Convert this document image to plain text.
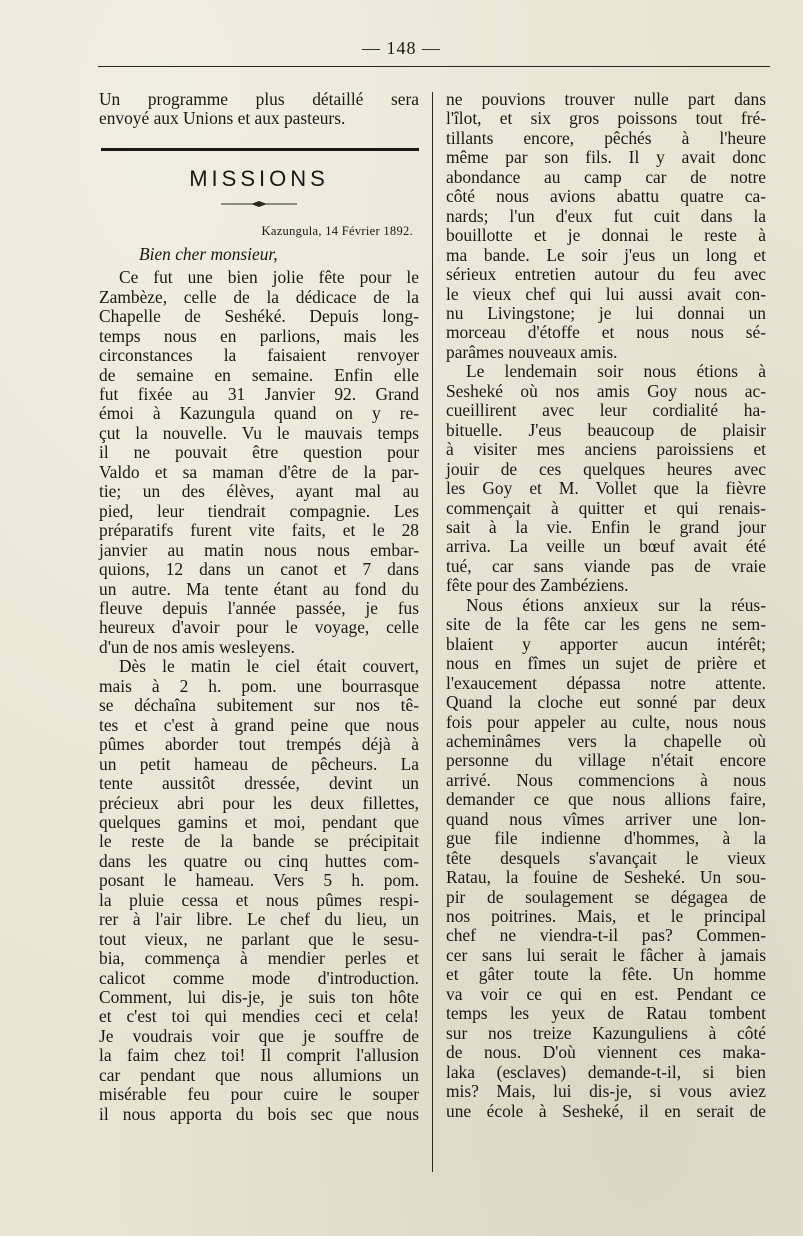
— 148 —
Un programme plus détaillé sera
envoyé aux Unions et aux pasteurs.
MISSIONS
Kazungula, 14 Février 1892.
Bien cher monsieur,
Ce fut une bien jolie fête pour le
Zambèze, celle de la dédicace de la
Chapelle de Seshéké. Depuis long-
temps nous en parlions, mais les
circonstances la faisaient renvoyer
de semaine en semaine. Enfin elle
fut fixée au 31 Janvier 92. Grand
émoi à Kazungula quand on y re-
çut la nouvelle. Vu le mauvais temps
il ne pouvait être question pour
Valdo et sa maman d'être de la par-
tie; un des élèves, ayant mal au
pied, leur tiendrait compagnie. Les
préparatifs furent vite faits, et le 28
janvier au matin nous nous embar-
quions, 12 dans un canot et 7 dans
un autre. Ma tente étant au fond du
fleuve depuis l'année passée, je fus
heureux d'avoir pour le voyage, celle
d'un de nos amis wesleyens.
Dès le matin le ciel était couvert,
mais à 2 h. pom. une bourrasque
se déchaîna subitement sur nos tê-
tes et c'est à grand peine que nous
pûmes aborder tout trempés déjà à
un petit hameau de pêcheurs. La
tente aussitôt dressée, devint un
précieux abri pour les deux fillettes,
quelques gamins et moi, pendant que
le reste de la bande se précipitait
dans les quatre ou cinq huttes com-
posant le hameau. Vers 5 h. pom.
la pluie cessa et nous pûmes respi-
rer à l'air libre. Le chef du lieu, un
tout vieux, ne parlant que le sesu-
bia, commença à mendier perles et
calicot comme mode d'introduction.
Comment, lui dis-je, je suis ton hôte
et c'est toi qui mendies ceci et cela!
Je voudrais voir que je souffre de
la faim chez toi! Il comprit l'allusion
car pendant que nous allumions un
misérable feu pour cuire le souper
il nous apporta du bois sec que nous
ne pouvions trouver nulle part dans
l'îlot, et six gros poissons tout fré-
tillants encore, pêchés à l'heure
même par son fils. Il y avait donc
abondance au camp car de notre
côté nous avions abattu quatre ca-
nards; l'un d'eux fut cuit dans la
bouillotte et je donnai le reste à
ma bande. Le soir j'eus un long et
sérieux entretien autour du feu avec
le vieux chef qui lui aussi avait con-
nu Livingstone; je lui donnai un
morceau d'étoffe et nous nous sé-
parâmes nouveaux amis.
Le lendemain soir nous étions à
Sesheké où nos amis Goy nous ac-
cueillirent avec leur cordialité ha-
bituelle. J'eus beaucoup de plaisir
à visiter mes anciens paroissiens et
jouir de ces quelques heures avec
les Goy et M. Vollet que la fièvre
commençait à quitter et qui renais-
sait à la vie. Enfin le grand jour
arriva. La veille un bœuf avait été
tué, car sans viande pas de vraie
fête pour des Zambéziens.
Nous étions anxieux sur la réus-
site de la fête car les gens ne sem-
blaient y apporter aucun intérêt;
nous en fîmes un sujet de prière et
l'exaucement dépassa notre attente.
Quand la cloche eut sonné par deux
fois pour appeler au culte, nous nous
acheminâmes vers la chapelle où
personne du village n'était encore
arrivé. Nous commencions à nous
demander ce que nous allions faire,
quand nous vîmes arriver une lon-
gue file indienne d'hommes, à la
tête desquels s'avançait le vieux
Ratau, la fouine de Sesheké. Un sou-
pir de soulagement se dégagea de
nos poitrines. Mais, et le principal
chef ne viendra-t-il pas? Commen-
cer sans lui serait le fâcher à jamais
et gâter toute la fête. Un homme
va voir ce qui en est. Pendant ce
temps les yeux de Ratau tombent
sur nos treize Kazunguliens à côté
de nous. D'où viennent ces maka-
laka (esclaves) demande-t-il, si bien
mis? Mais, lui dis-je, si vous aviez
une école à Sesheké, il en serait de
